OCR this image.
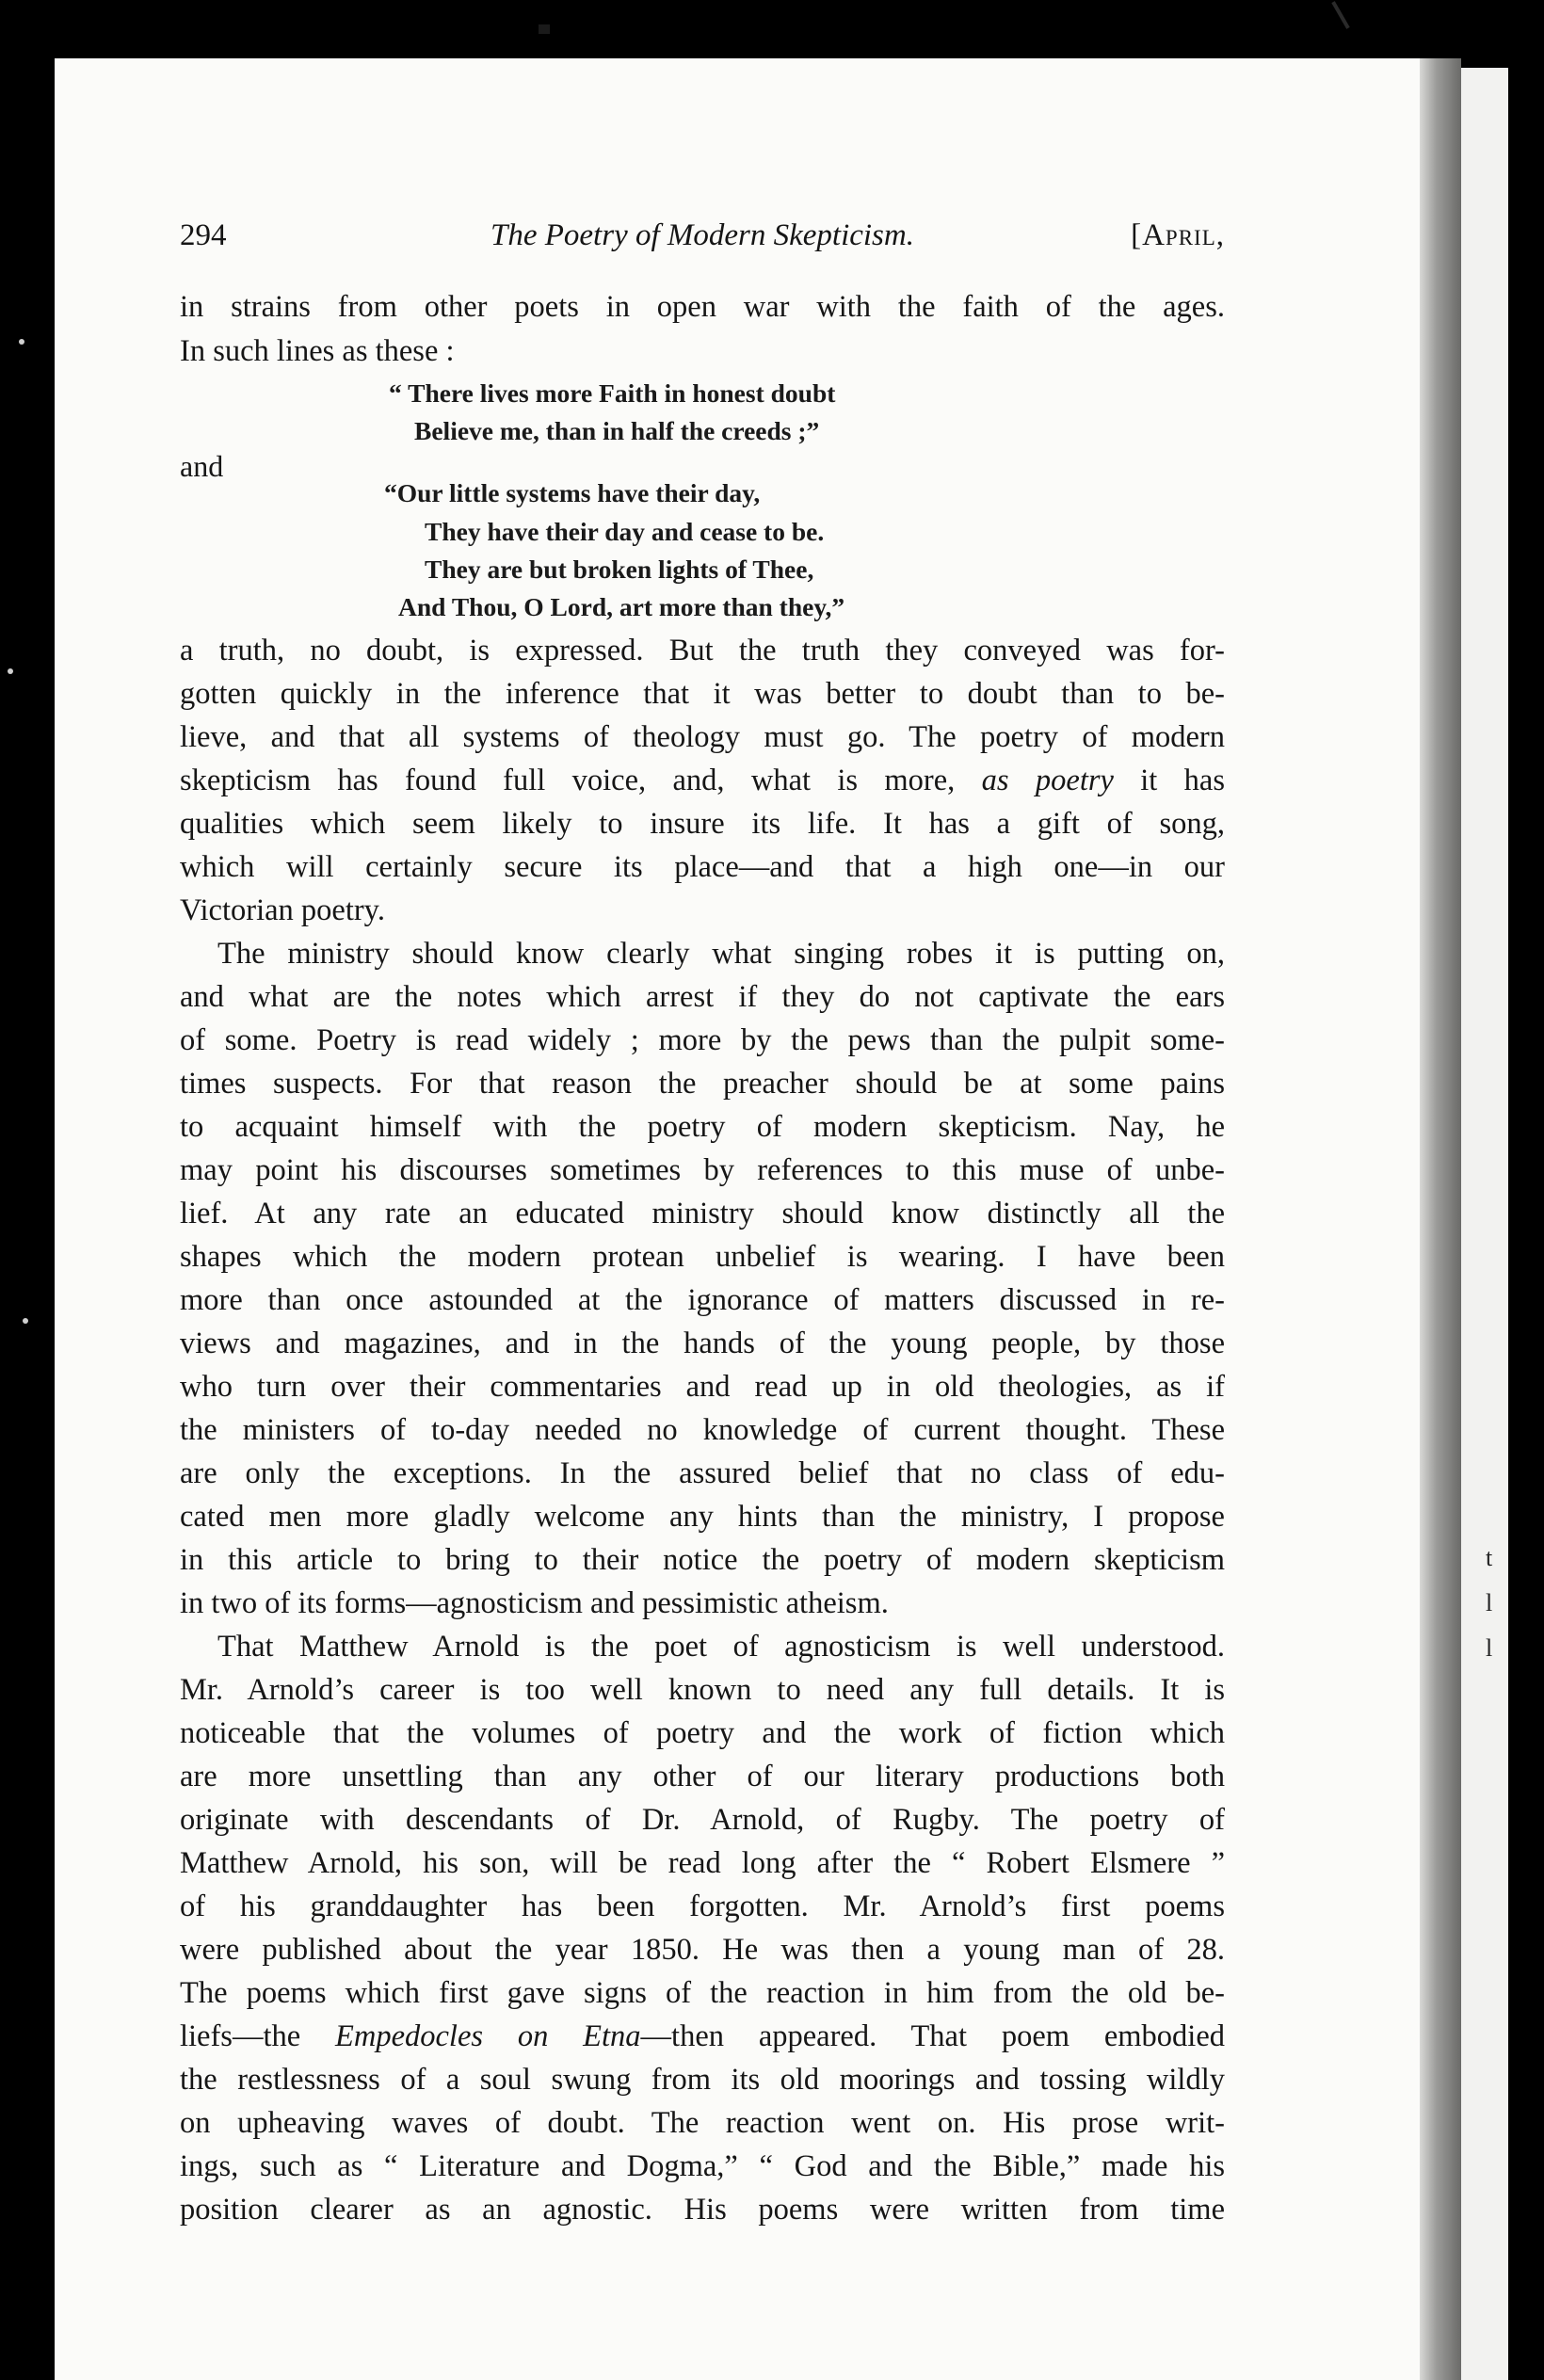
t
l
l
294	The Poetry of Modern Skepticism.	[April,
in strains from other poets in open war with the faith of the ages.
In such lines as these :
“ There lives more Faith in honest doubt
Believe me, than in half the creeds ;”
and
“Our little systems have their day,
They have their day and cease to be.
They are but broken lights of Thee,
And Thou, O Lord, art more than they,”
a truth, no doubt, is expressed. But the truth they conveyed was for-
gotten quickly in the inference that it was better to doubt than to be-
lieve, and that all systems of theology must go. The poetry of modern
skepticism has found full voice, and, what is more, as poetry it has
qualities which seem likely to insure its life. It has a gift of song,
which will certainly secure its place—and that a high one—in our
Victorian poetry.
The ministry should know clearly what singing robes it is putting on,
and what are the notes which arrest if they do not captivate the ears
of some. Poetry is read widely ; more by the pews than the pulpit some-
times suspects. For that reason the preacher should be at some pains
to acquaint himself with the poetry of modern skepticism. Nay, he
may point his discourses sometimes by references to this muse of unbe-
lief. At any rate an educated ministry should know distinctly all the
shapes which the modern protean unbelief is wearing. I have been
more than once astounded at the ignorance of matters discussed in re-
views and magazines, and in the hands of the young people, by those
who turn over their commentaries and read up in old theologies, as if
the ministers of to-day needed no knowledge of current thought. These
are only the exceptions. In the assured belief that no class of edu-
cated men more gladly welcome any hints than the ministry, I propose
in this article to bring to their notice the poetry of modern skepticism
in two of its forms—agnosticism and pessimistic atheism.
That Matthew Arnold is the poet of agnosticism is well understood.
Mr. Arnold’s career is too well known to need any full details. It is
noticeable that the volumes of poetry and the work of fiction which
are more unsettling than any other of our literary productions both
originate with descendants of Dr. Arnold, of Rugby. The poetry of
Matthew Arnold, his son, will be read long after the “ Robert Elsmere ”
of his granddaughter has been forgotten. Mr. Arnold’s first poems
were published about the year 1850. He was then a young man of 28.
The poems which first gave signs of the reaction in him from the old be-
liefs—the Empedocles on Etna—then appeared. That poem embodied
the restlessness of a soul swung from its old moorings and tossing wildly
on upheaving waves of doubt. The reaction went on. His prose writ-
ings, such as “ Literature and Dogma,” “ God and the Bible,” made his
position clearer as an agnostic. His poems were written from time
